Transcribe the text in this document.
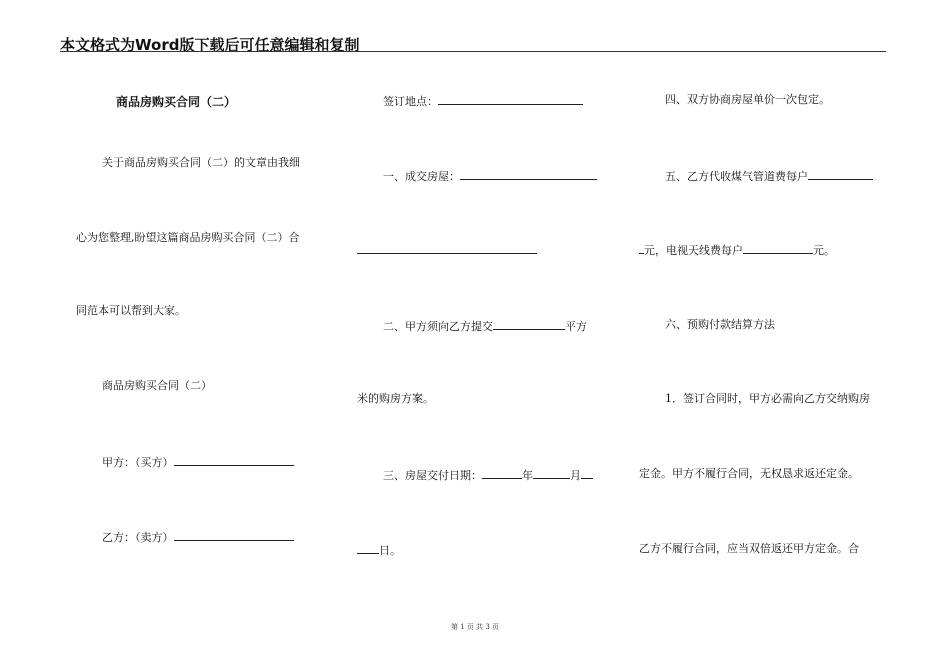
本文格式为Word版下载后可任意编辑和复制
商品房购买合同（二）
关于商品房购买合同（二）的文章由我细
心为您整理,盼望这篇商品房购买合同（二）合
同范本可以帮到大家。
商品房购买合同（二）
甲方：（买方）
乙方：（卖方）
签订地点：
一、成交房屋：
二、甲方须向乙方提交	平方
米的购房方案。
三、房屋交付日期：	年	月
日。
四、双方协商房屋单价一次包定。
五、乙方代收煤气管道费每户
元，电视天线费每户	元。
六、预购付款结算方法
1．签订合同时，甲方必需向乙方交纳购房
定金。甲方不履行合同，无权恳求返还定金。
乙方不履行合同，应当双倍返还甲方定金。合
第 1 页 共 3 页
